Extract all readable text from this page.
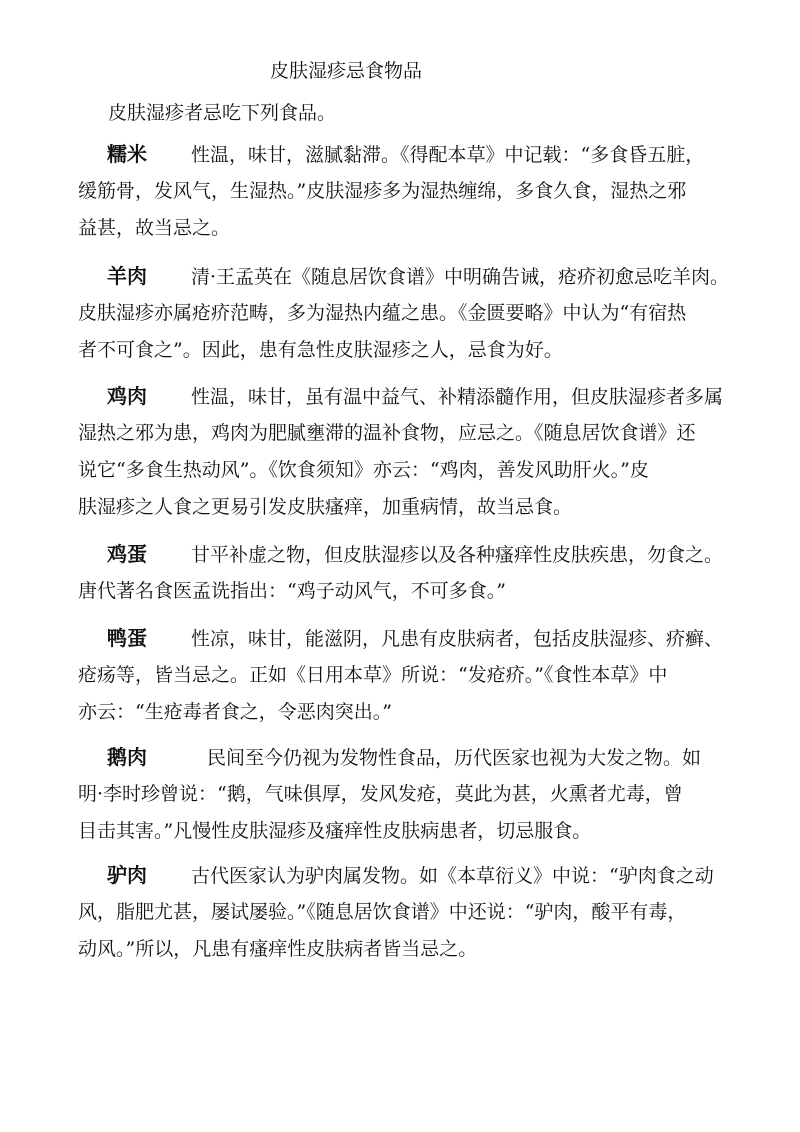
皮肤湿疹忌食物品
皮肤湿疹者忌吃下列食品。
糯米 性温，味甘，滋腻黏滞。《得配本草》中记载：“多食昏五脏，
缓筋骨，发风气，生湿热。”皮肤湿疹多为湿热缠绵，多食久食，湿热之邪
益甚，故当忌之。
羊肉 清·王孟英在《随息居饮食谱》中明确告诫，疮疥初愈忌吃羊肉。
皮肤湿疹亦属疮疥范畴，多为湿热内蕴之患。《金匮要略》中认为“有宿热
者不可食之”。因此，患有急性皮肤湿疹之人，忌食为好。
鸡肉 性温，味甘，虽有温中益气、补精添髓作用，但皮肤湿疹者多属
湿热之邪为患，鸡肉为肥腻壅滞的温补食物，应忌之。《随息居饮食谱》还
说它“多食生热动风”。《饮食须知》亦云：“鸡肉，善发风助肝火。”皮
肤湿疹之人食之更易引发皮肤瘙痒，加重病情，故当忌食。
鸡蛋 甘平补虚之物，但皮肤湿疹以及各种瘙痒性皮肤疾患，勿食之。
唐代著名食医孟诜指出：“鸡子动风气，不可多食。”
鸭蛋 性凉，味甘，能滋阴，凡患有皮肤病者，包括皮肤湿疹、疥癣、
疮疡等，皆当忌之。正如《日用本草》所说：“发疮疥。”《食性本草》中
亦云：“生疮毒者食之，令恶肉突出。”
鹅肉	民间至今仍视为发物性食品，历代医家也视为大发之物。如
明·李时珍曾说：“鹅，气味俱厚，发风发疮，莫此为甚，火熏者尤毒，曾
目击其害。”凡慢性皮肤湿疹及瘙痒性皮肤病患者，切忌服食。
驴肉 古代医家认为驴肉属发物。如《本草衍义》中说：“驴肉食之动
风，脂肥尤甚，屡试屡验。”《随息居饮食谱》中还说：“驴肉，酸平有毒，
动风。”所以，凡患有瘙痒性皮肤病者皆当忌之。
